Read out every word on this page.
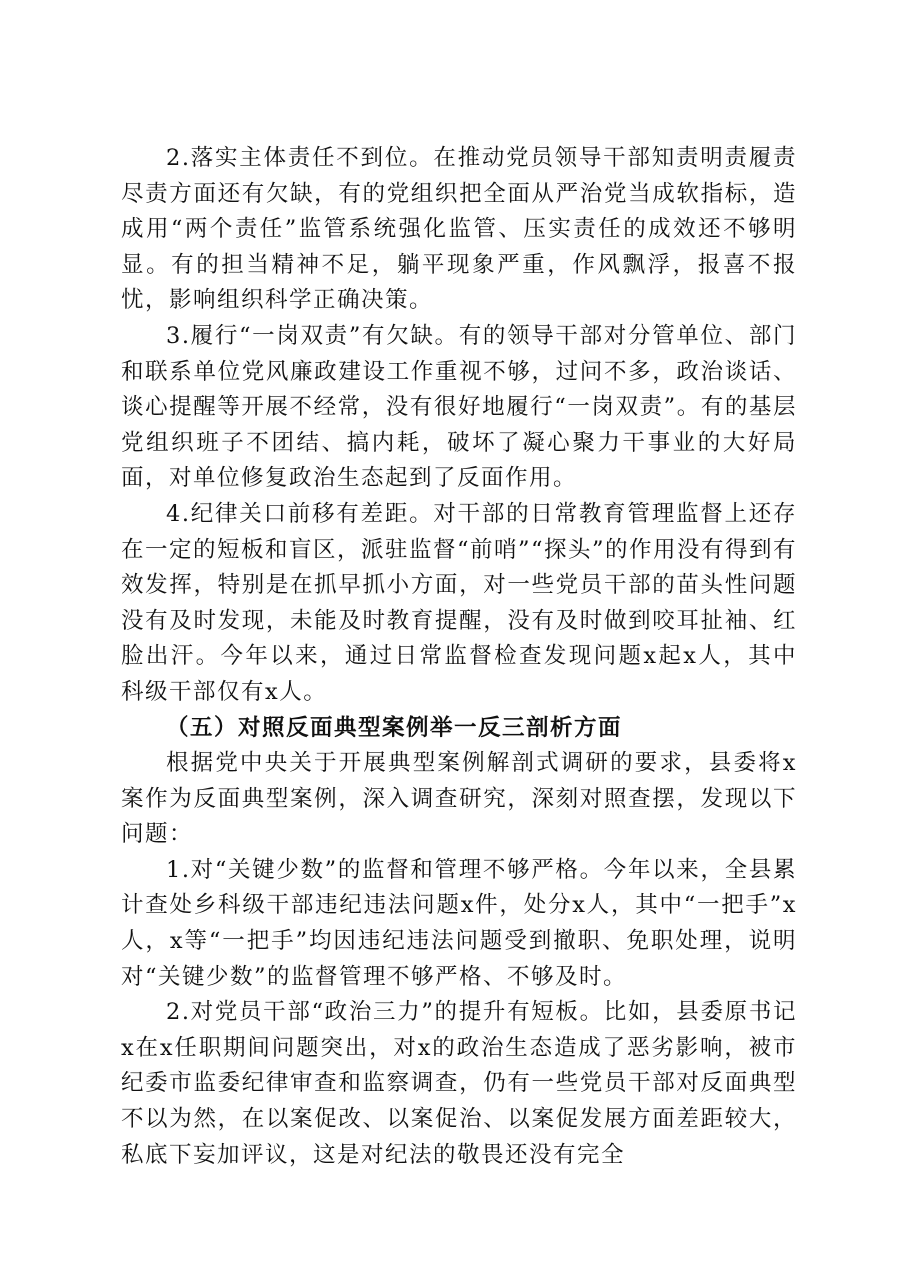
2.落实主体责任不到位。在推动党员领导干部知责明责履责尽责方面还有欠缺，有的党组织把全面从严治党当成软指标，造成用“两个责任”监管系统强化监管、压实责任的成效还不够明显。有的担当精神不足，躺平现象严重，作风飘浮，报喜不报忧，影响组织科学正确决策。

3.履行“一岗双责”有欠缺。有的领导干部对分管单位、部门和联系单位党风廉政建设工作重视不够，过问不多，政治谈话、谈心提醒等开展不经常，没有很好地履行“一岗双责”。有的基层党组织班子不团结、搞内耗，破坏了凝心聚力干事业的大好局面，对单位修复政治生态起到了反面作用。

4.纪律关口前移有差距。对干部的日常教育管理监督上还存在一定的短板和盲区，派驻监督“前哨”“探头”的作用没有得到有效发挥，特别是在抓早抓小方面，对一些党员干部的苗头性问题没有及时发现，未能及时教育提醒，没有及时做到咬耳扯袖、红脸出汗。今年以来，通过日常监督检查发现问题x起x人，其中科级干部仅有x人。

（五）对照反面典型案例举一反三剖析方面

根据党中央关于开展典型案例解剖式调研的要求，县委将x案作为反面典型案例，深入调查研究，深刻对照查摆，发现以下问题：

1.对“关键少数”的监督和管理不够严格。今年以来，全县累计查处乡科级干部违纪违法问题x件，处分x人，其中“一把手”x人，x等“一把手”均因违纪违法问题受到撤职、免职处理，说明对“关键少数”的监督管理不够严格、不够及时。

2.对党员干部“政治三力”的提升有短板。比如，县委原书记x在x任职期间问题突出，对x的政治生态造成了恶劣影响，被市纪委市监委纪律审查和监察调查，仍有一些党员干部对反面典型不以为然，在以案促改、以案促治、以案促发展方面差距较大，私底下妄加评议，这是对纪法的敬畏还没有完全
